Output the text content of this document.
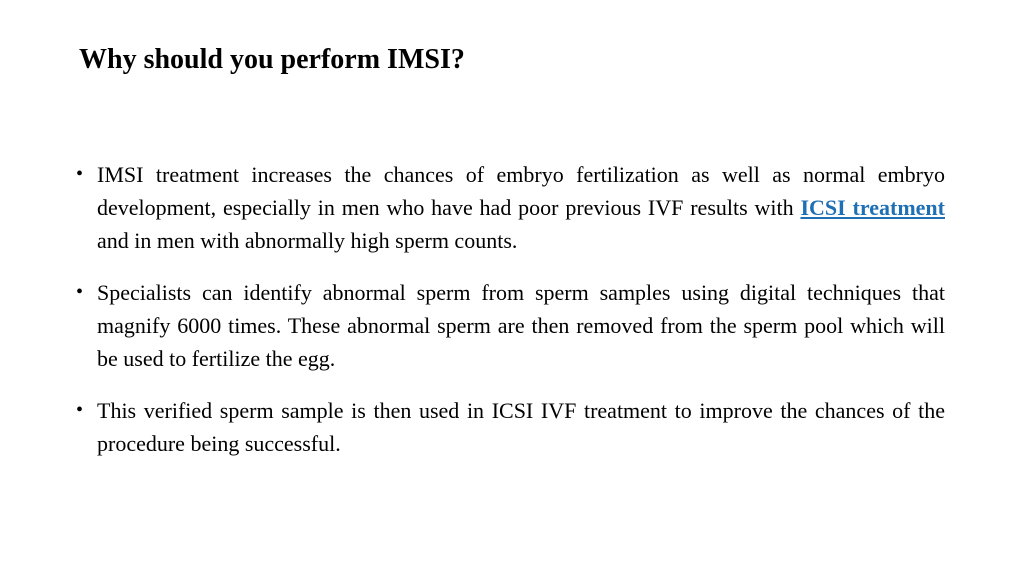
Why should you perform IMSI?
• IMSI treatment increases the chances of embryo fertilization as well as normal embryo development, especially in men who have had poor previous IVF results with ICSI treatment and in men with abnormally high sperm counts.
• Specialists can identify abnormal sperm from sperm samples using digital techniques that magnify 6000 times. These abnormal sperm are then removed from the sperm pool which will be used to fertilize the egg.
• This verified sperm sample is then used in ICSI IVF treatment to improve the chances of the procedure being successful.
